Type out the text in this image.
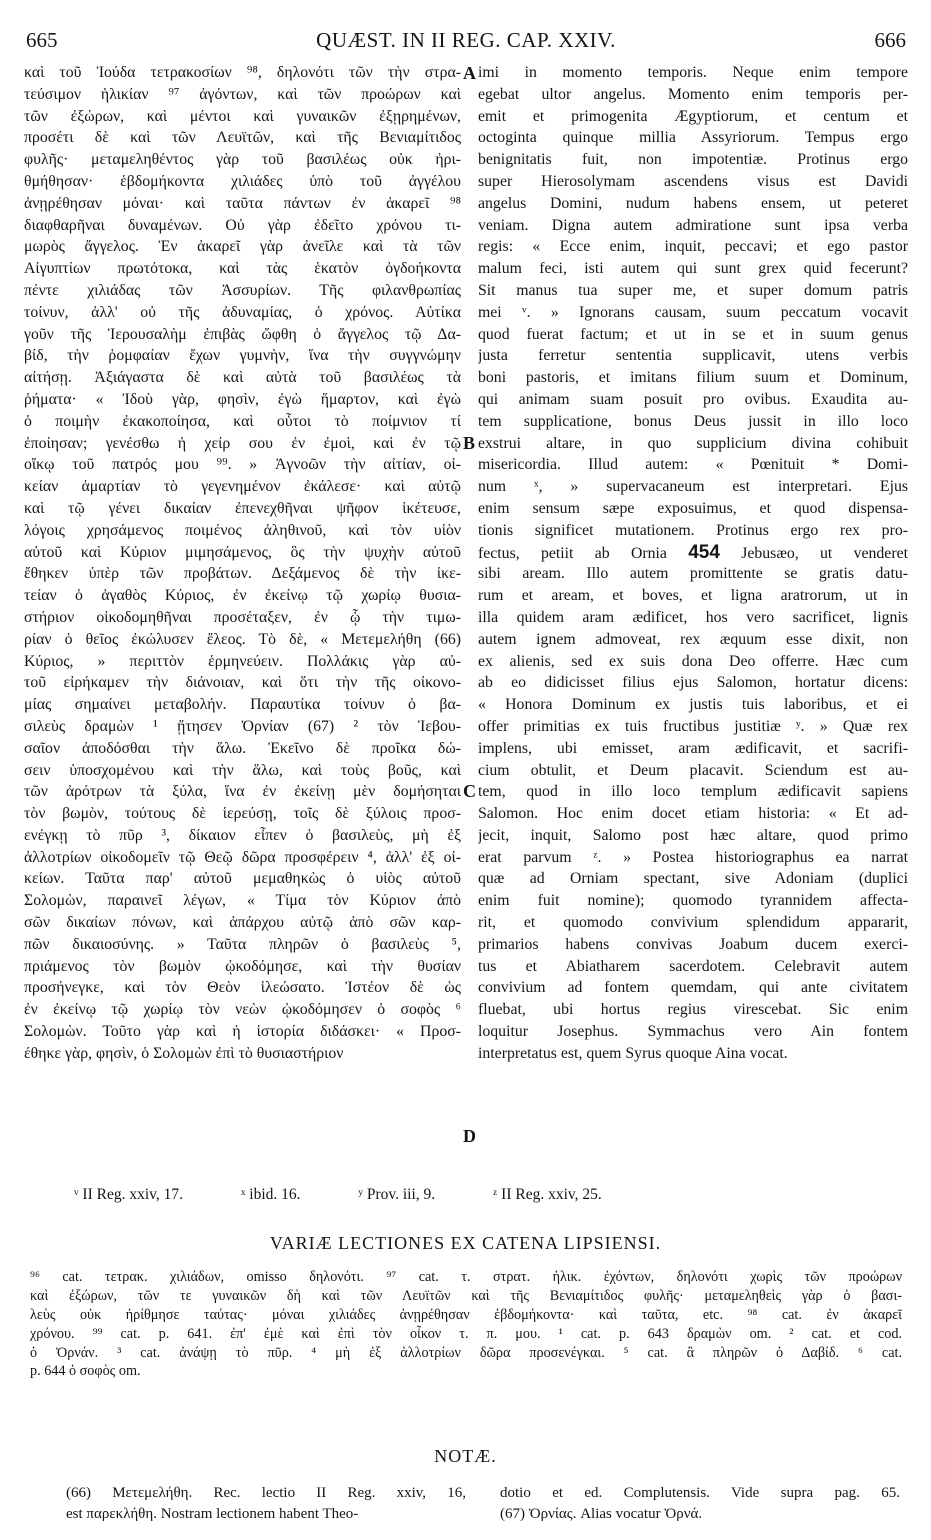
665	QUÆST. IN II REG. CAP. XXIV.	666
καὶ τοῦ Ἰούδα τετρακοσίων ⁹⁸, δηλονότι τῶν τὴν στρα-
τεύσιμον ἡλικίαν ⁹⁷ ἀγόντων, καὶ τῶν προώρων καὶ
τῶν ἐξώρων, καὶ μέντοι καὶ γυναικῶν ἐξῃρημένων,
προσέτι δὲ καὶ τῶν Λευϊτῶν, καὶ τῆς Βενιαμίτιδος
φυλῆς· μεταμεληθέντος γὰρ τοῦ βασιλέως οὐκ ἠρι-
θμήθησαν· ἑβδομήκοντα χιλιάδες ὑπὸ τοῦ ἀγγέλου
ἀνῃρέθησαν μόναι· καὶ ταῦτα πάντων ἐν ἀκαρεῖ ⁹⁸
διαφθαρῆναι δυναμένων. Οὐ γὰρ ἐδεῖτο χρόνου τι-
μωρὸς ἄγγελος. Ἐν ἀκαρεῖ γὰρ ἀνεῖλε καὶ τὰ τῶν
Αἰγυπτίων πρωτότοκα, καὶ τὰς ἑκατὸν ὀγδοήκοντα
πέντε χιλιάδας τῶν Ἀσσυρίων. Τῆς φιλανθρωπίας
τοίνυν, ἀλλ' οὐ τῆς ἀδυναμίας, ὁ χρόνος. Αὐτίκα
γοῦν τῆς Ἱερουσαλὴμ ἐπιβὰς ὤφθη ὁ ἄγγελος τῷ Δα-
βίδ, τὴν ῥομφαίαν ἔχων γυμνὴν, ἵνα τὴν συγγνώμην
αἰτήσῃ. Ἀξιάγαστα δὲ καὶ αὐτὰ τοῦ βασιλέως τὰ
ῥήματα· « Ἰδοὺ γὰρ, φησὶν, ἐγὼ ἥμαρτον, καὶ ἐγὼ
ὁ ποιμὴν ἐκακοποίησα, καὶ οὗτοι τὸ ποίμνιον τί
ἐποίησαν; γενέσθω ἡ χείρ σου ἐν ἐμοὶ, καὶ ἐν τῷ
οἴκῳ τοῦ πατρός μου ⁹⁹. » Ἀγνοῶν τὴν αἰτίαν, οἰ-
κείαν ἁμαρτίαν τὸ γεγενημένον ἐκάλεσε· καὶ αὐτῷ
καὶ τῷ γένει δικαίαν ἐπενεχθῆναι ψῆφον ἱκέτευσε,
λόγοις χρησάμενος ποιμένος ἀληθινοῦ, καὶ τὸν υἱὸν
αὐτοῦ καὶ Κύριον μιμησάμενος, ὃς τὴν ψυχὴν αὐτοῦ
ἔθηκεν ὑπὲρ τῶν προβάτων. Δεξάμενος δὲ τὴν ἱκε-
τείαν ὁ ἀγαθὸς Κύριος, ἐν ἐκείνῳ τῷ χωρίῳ θυσια-
στήριον οἰκοδομηθῆναι προσέταξεν, ἐν ᾧ τὴν τιμω-
ρίαν ὁ θεῖος ἐκώλυσεν ἔλεος. Τὸ δὲ, « Μετεμελήθη (66)
Κύριος, » περιττὸν ἑρμηνεύειν. Πολλάκις γὰρ αὐ-
τοῦ εἰρήκαμεν τὴν διάνοιαν, καὶ ὅτι τὴν τῆς οἰκονο-
μίας σημαίνει μεταβολήν. Παραυτίκα τοίνυν ὁ βα-
σιλεὺς δραμὼν ¹ ᾔτησεν Ὀρνίαν (67) ² τὸν Ἰεβου-
σαῖον ἀποδόσθαι τὴν ἅλω. Ἐκεῖνο δὲ προῖκα δώ-
σειν ὑποσχομένου καὶ τὴν ἅλω, καὶ τοὺς βοῦς, καὶ
τῶν ἀρότρων τὰ ξύλα, ἵνα ἐν ἐκείνῃ μὲν δομήσηται
τὸν βωμὸν, τούτους δὲ ἱερεύσῃ, τοῖς δὲ ξύλοις προσ-
ενέγκῃ τὸ πῦρ ³, δίκαιον εἶπεν ὁ βασιλεὺς, μὴ ἐξ
ἀλλοτρίων οἰκοδομεῖν τῷ Θεῷ δῶρα προσφέρειν ⁴, ἀλλ' ἐξ οἰ-
κείων. Ταῦτα παρ' αὐτοῦ μεμαθηκὼς ὁ υἱὸς αὐτοῦ
Σολομὼν, παραινεῖ λέγων, « Τίμα τὸν Κύριον ἀπὸ
σῶν δικαίων πόνων, καὶ ἀπάρχου αὐτῷ ἀπὸ σῶν καρ-
πῶν δικαιοσύνης. » Ταῦτα πληρῶν ὁ βασιλεὺς ⁵,
πριάμενος τὸν βωμὸν ᾠκοδόμησε, καὶ τὴν θυσίαν
προσήνεγκε, καὶ τὸν Θεὸν ἱλεώσατο. Ἰστέον δὲ ὡς
ἐν ἐκείνῳ τῷ χωρίῳ τὸν νεὼν ᾠκοδόμησεν ὁ σοφὸς ⁶
Σολομὼν. Τοῦτο γὰρ καὶ ἡ ἱστορία διδάσκει· « Προσ-
έθηκε γὰρ, φησὶν, ὁ Σολομὼν ἐπὶ τὸ θυσιαστήριον
imi in momento temporis. Neque enim tempore
egebat ultor angelus. Momento enim temporis per-
emit et primogenita Ægyptiorum, et centum et
octoginta quinque millia Assyriorum. Tempus ergo
benignitatis fuit, non impotentiæ. Protinus ergo
super Hierosolymam ascendens visus est Davidi
angelus Domini, nudum habens ensem, ut peteret
veniam. Digna autem admiratione sunt ipsa verba
regis: « Ecce enim, inquit, peccavi; et ego pastor
malum feci, isti autem qui sunt grex quid fecerunt?
Sit manus tua super me, et super domum patris
mei ᵛ. » Ignorans causam, suum peccatum vocavit
quod fuerat factum; et ut in se et in suum genus
justa ferretur sententia supplicavit, utens verbis
boni pastoris, et imitans filium suum et Dominum,
qui animam suam posuit pro ovibus. Exaudita au-
tem supplicatione, bonus Deus jussit in illo loco
exstrui altare, in quo supplicium divina cohibuit
misericordia. Illud autem: « Pœnituit * Domi-
num ˣ, » supervacaneum est interpretari. Ejus
enim sensum sæpe exposuimus, et quod dispensa-
tionis significet mutationem. Protinus ergo rex pro-
fectus, petiit ab Ornia 454 Jebusæo, ut venderet
sibi aream. Illo autem promittente se gratis datu-
rum et aream, et boves, et ligna aratrorum, ut in
illa quidem aram ædificet, hos vero sacrificet, lignis
autem ignem admoveat, rex æquum esse dixit, non
ex alienis, sed ex suis dona Deo offerre. Hæc cum
ab eo didicisset filius ejus Salomon, hortatur dicens:
« Honora Dominum ex justis tuis laboribus, et ei
offer primitias ex tuis fructibus justitiæ ʸ. » Quæ rex
implens, ubi emisset, aram ædificavit, et sacrifi-
cium obtulit, et Deum placavit. Sciendum est au-
tem, quod in illo loco templum ædificavit sapiens
Salomon. Hoc enim docet etiam historia: « Et ad-
jecit, inquit, Salomo post hæc altare, quod primo
erat parvum ᶻ. » Postea historiographus ea narrat
quæ ad Orniam spectant, sive Adoniam (duplici
enim fuit nomine); quomodo tyrannidem affecta-
rit, et quomodo convivium splendidum appararit,
primarios habens convivas Joabum ducem exerci-
tus et Abiatharem sacerdotem. Celebravit autem
convivium ad fontem quemdam, qui ante civitatem
fluebat, ubi hortus regius virescebat. Sic enim
loquitur Josephus. Symmachus vero Ain fontem
interpretatus est, quem Syrus quoque Aina vocat.
A
B
C
D
ᵛ II Reg. xxiv, 17.	ˣ ibid. 16.	ʸ Prov. iii, 9.	ᶻ II Reg. xxiv, 25.
VARIÆ LECTIONES EX CATENA LIPSIENSI.
⁹⁶ cat. τετρακ. χιλιάδων, omisso δηλονότι. ⁹⁷ cat. τ. στρατ. ἡλικ. ἐχόντων, δηλονότι χωρὶς τῶν προώρων
καὶ ἐξώρων, τῶν τε γυναικῶν δὴ καὶ τῶν Λευϊτῶν καὶ τῆς Βενιαμίτιδος φυλῆς· μεταμεληθεὶς γὰρ ὁ βασι-
λεὺς οὐκ ἠρίθμησε ταύτας· μόναι χιλιάδες ἀνῃρέθησαν ἑβδομήκοντα· καὶ ταῦτα, etc. ⁹⁸ cat. ἐν ἀκαρεῖ
χρόνου. ⁹⁹ cat. p. 641. ἐπ' ἐμὲ καὶ ἐπὶ τὸν οἶκον τ. π. μου. ¹ cat. p. 643 δραμὼν om. ² cat. et cod.
ὁ Ὀρνάν. ³ cat. ἀνάψῃ τὸ πῦρ. ⁴ μὴ ἐξ ἀλλοτρίων δῶρα προσενέγκαι. ⁵ cat. ἃ πληρῶν ὁ Δαβίδ. ⁶ cat.
p. 644 ὁ σοφὸς om.
NOTÆ.
(66) Μετεμελήθη. Rec. lectio II Reg. xxiv, 16,
est παρεκλήθη. Nostram lectionem habent Theo-
dotio et ed. Complutensis. Vide supra pag. 65.
(67) Ὀρνίας. Alias vocatur Ὀρνά.
